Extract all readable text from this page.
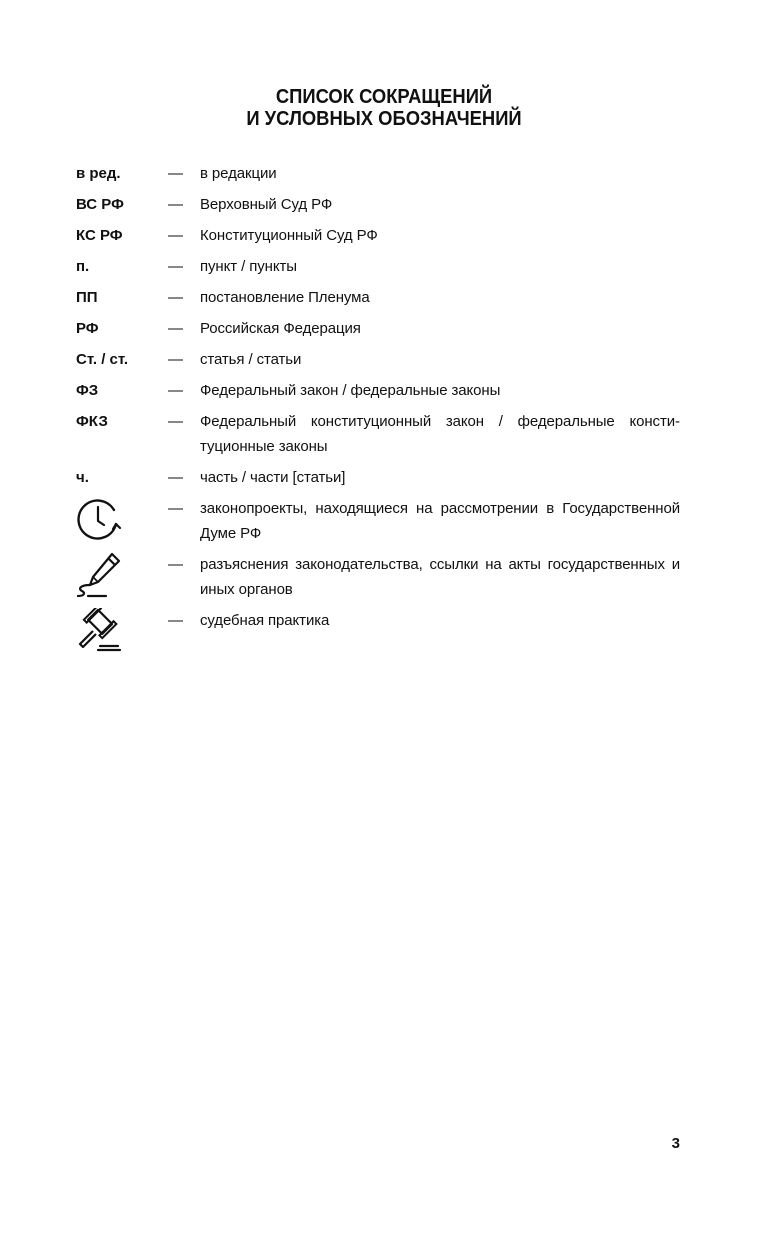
СПИСОК СОКРАЩЕНИЙ
И УСЛОВНЫХ ОБОЗНАЧЕНИЙ
в ред.	—	в редакции
ВС РФ	—	Верховный Суд РФ
КС РФ	—	Конституционный Суд РФ
п.	—	пункт / пункты
ПП	—	постановление Пленума
РФ	—	Российская Федерация
Ст. / ст.	—	статья / статьи
ФЗ	—	Федеральный закон / федеральные законы
ФКЗ	—	Федеральный конституционный закон / федеральные конституционные законы
ч.	—	часть / части [статьи]
—	законопроекты, находящиеся на рассмотрении в Государственной Думе РФ
—	разъяснения законодательства, ссылки на акты государственных и иных органов
—	судебная практика
3
